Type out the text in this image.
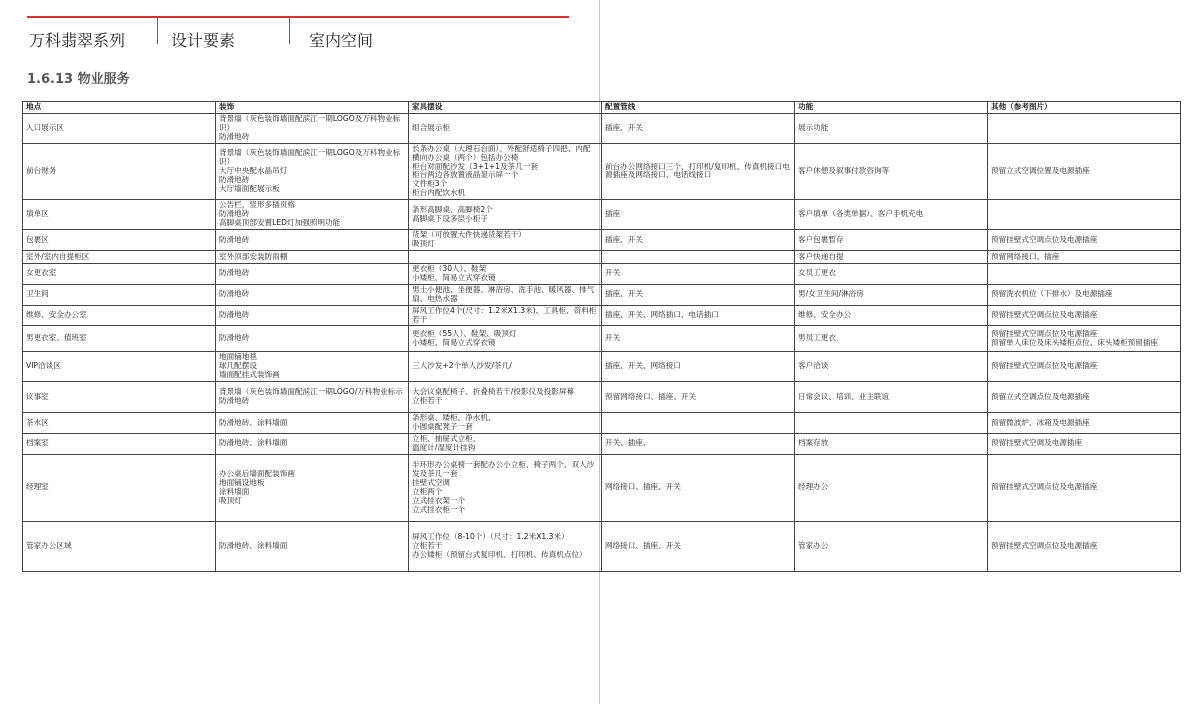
万科翡翠系列	设计要素	室内空间
1.6.13 物业服务
地点	装饰	家具摆设	配置管线	功能	其他（参考图片）

入口展示区	背景墙（灰色装饰墙面配滨江一期LOGO及万科物业标识）
防滑地砖	组合展示柜	插座、开关	展示功能	

前台财务	背景墙（灰色装饰墙面配滨江一期LOGO及万科物业标识）
大厅中央配水晶吊灯
防滑地砖
大厅墙面配展示板	长条办公桌（大理石台面）、外配舒适椅子四把、内配横向办公桌（两个）包括办公椅
柜台对面配沙发（3+1+1及茶几一套
柜台两边各放置液晶显示屏一个
文件柜3个
柜台内配饮水机	前台办公网络接口三个，打印机/复印机、传真机接口电源插座及网络接口、电话线接口	客户休憩及叙事付款咨询等	预留立式空调位置及电源插座

填单区	公告栏，竖形多插页格
防滑地砖
高脚桌顶部安置LED灯加强照明功能	条形高脚桌、高脚椅2个
高脚桌下设多层小柜子	插座	客户填单（各类单据）、客户手机充电	

包裹区	防滑地砖	货架（可放置大件快递货架若干）
吸顶灯	插座、开关	客户包裹暂存	预留挂壁式空调点位及电源插座

室外/室内自提柜区	室外顶部安装防雨棚			客户快递自提	预留网络接口、插座

女更衣室	防滑地砖	更衣柜（30人）、鞋架
小矮柜、简易立式穿衣镜	开关	女员工更衣	

卫生间	防滑地砖	男士小便池、坐便器、淋浴房、洗手池、暖风器、排气扇、电热水器	插座、开关	男/女卫生间/淋浴房	预留洗衣机位（下排水）及电源插座

维修、安全办公室	防滑地砖	屏风工作位4个(尺寸：1.2米X1.3米)、工具柜、资料柜若干	插座、开关、网络插口、电话插口	维修、安全办公	预留挂壁式空调点位及电源插座

男更衣室、值班室	防滑地砖	更衣柜（55人）、鞋架、吸顶灯
小矮柜、简易立式穿衣镜	开关	男员工更衣	预留挂壁式空调点位及电源插座
预留单人床位及床头矮柜点位、床头矮柜预留插座

VIP洽谈区	地面铺地毯
球几配摆设
墙面配挂式装饰画	三人沙发+2个单人沙发/茶几/	插座、开关、网络接口	客户洽谈	预留挂壁式空调点位及电源插座

议事室	背景墙（灰色装饰墙面配滨江一期LOGO/万科物业标示
防滑地砖	大会议桌配椅子、折叠椅若干/投影仪及投影屏幕
立柜若干	预留网络接口、插座、开关	日常会议、培训、业主联谊	预留立式空调点位及电源插座

茶水区	防滑地砖、涂料墙面	条形桌、矮柜、净水机、
小圆桌配凳子一套			预留微波炉、冰箱及电源插座

档案室	防滑地砖、涂料墙面	立柜、抽屉式立柜、
温度计/湿度计挂钩	开关、插座、	档案存放	预留挂壁式空调及电源插座

经理室	办公桌后墙面配装饰画
地面铺设地板
涂料墙面
吸顶灯	半环形办公桌椅一套配办公小立柜、椅子两个、双人沙发及茶几一套
挂壁式空调
立柜两个
立式挂衣架一个
立式挂衣柜一个	网络接口、插座、开关	经理办公	预留挂壁式空调点位及电源插座

管家办公区域	防滑地砖、涂料墙面	屏风工作位（8-10个）（尺寸：1.2米X1.3米）
立柜若干
办公矮柜（预留台式复印机、打印机、传真机点位）	网络接口、插座、开关	管家办公	预留挂壁式空调点位及电源插座
